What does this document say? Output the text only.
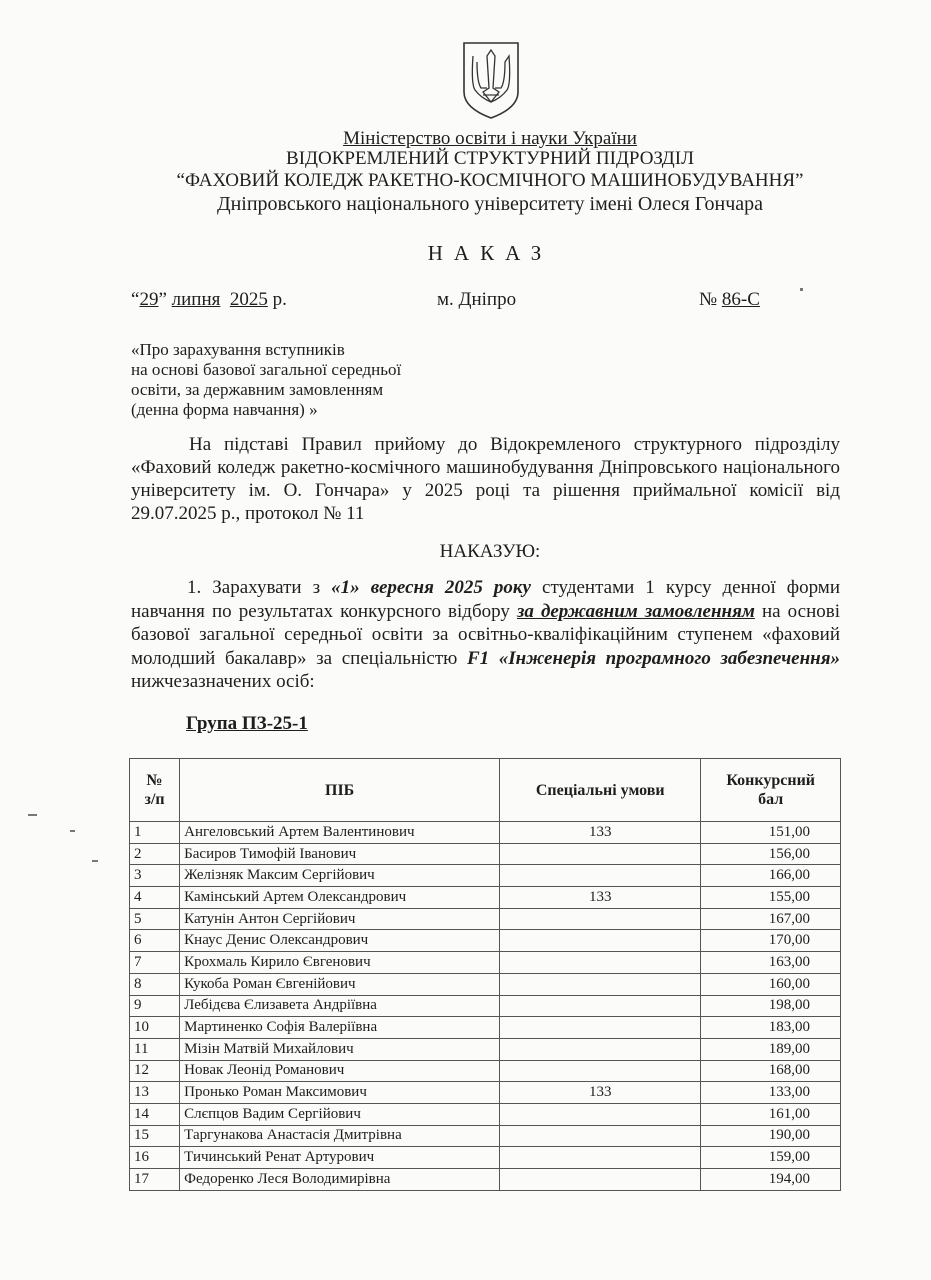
Міністерство освіти і науки України
ВІДОКРЕМЛЕНИЙ СТРУКТУРНИЙ ПІДРОЗДІЛ
“ФАХОВИЙ КОЛЕДЖ РАКЕТНО-КОСМІЧНОГО МАШИНОБУДУВАННЯ”
Дніпровського національного університету імені Олеся Гончара
НАКАЗ
“29” липня 2025 р.	м. Дніпро	№ 86-С
«Про зарахування вступників
на основі базової загальної середньої
освіти, за державним замовленням
(денна форма навчання) »

На підставі Правил прийому до Відокремленого структурного підрозділу «Фаховий коледж ракетно-космічного машинобудування Дніпровського національного університету ім. О. Гончара» у 2025 році та рішення приймальної комісії від 29.07.2025 р., протокол № 11

НАКАЗУЮ:

1. Зарахувати з «1» вересня 2025 року студентами 1 курсу денної форми навчання по результатах конкурсного відбору за державним замовленням на основі базової загальної середньої освіти за освітньо-кваліфікаційним ступенем «фаховий молодший бакалавр» за спеціальністю F1 «Інженерія програмного забезпечення» нижчезазначених осіб:

Група ПЗ-25-1
№
з/п	ПІБ	Спеціальні умови	Конкурсний
бал
1	Ангеловський Артем Валентинович	133	151,00
2	Басиров Тимофій Іванович		156,00
3	Желізняк Максим Сергійович		166,00
4	Камінський Артем Олександрович	133	155,00
5	Катунін Антон Сергійович		167,00
6	Кнаус Денис Олександрович		170,00
7	Крохмаль Кирило Євгенович		163,00
8	Кукоба Роман Євгенійович		160,00
9	Лебідєва Єлизавета Андріївна		198,00
10	Мартиненко Софія Валеріївна		183,00
11	Мізін Матвій Михайлович		189,00
12	Новак Леонід Романович		168,00
13	Пронько Роман Максимович	133	133,00
14	Слєпцов Вадим Сергійович		161,00
15	Таргунакова Анастасія Дмитрівна		190,00
16	Тичинський Ренат Артурович		159,00
17	Федоренко Леся Володимирівна		194,00
